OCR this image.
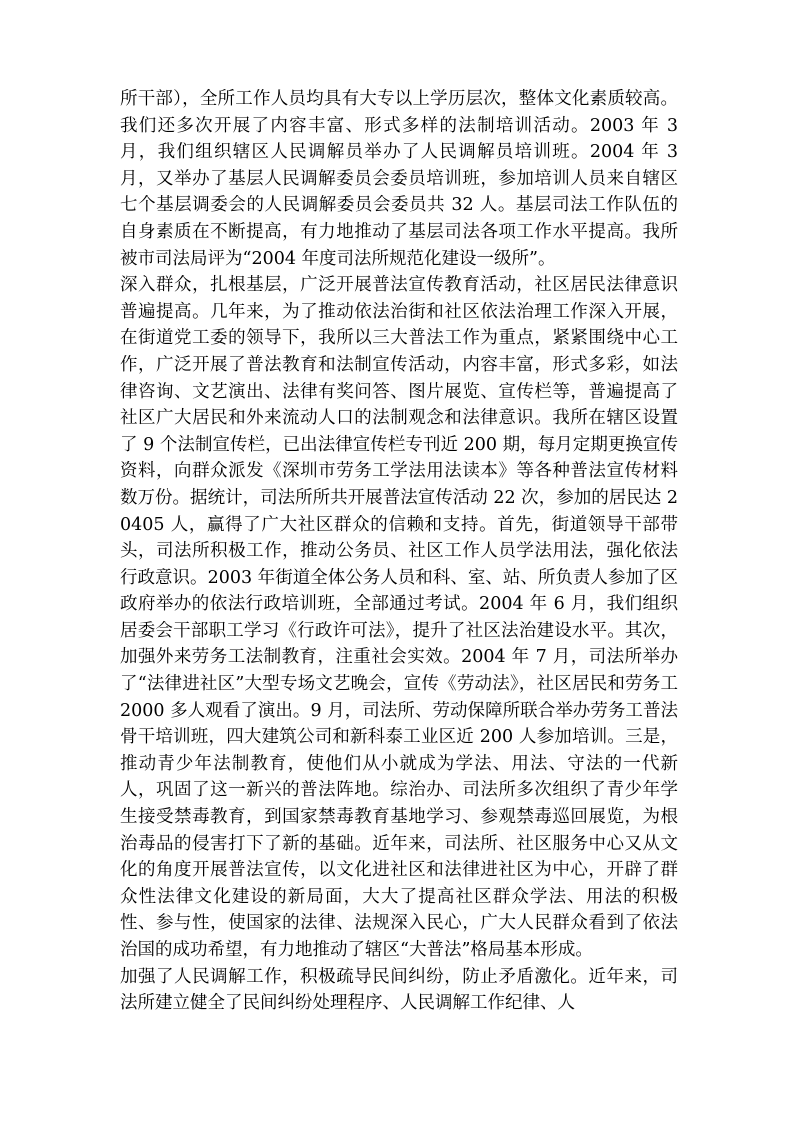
所干部），全所工作人员均具有大专以上学历层次，整体文化素质较高。我们还多次开展了内容丰富、形式多样的法制培训活动。2003 年 3 月，我们组织辖区人民调解员举办了人民调解员培训班。2004 年 3 月，又举办了基层人民调解委员会委员培训班，参加培训人员来自辖区七个基层调委会的人民调解委员会委员共 32 人。基层司法工作队伍的自身素质在不断提高，有力地推动了基层司法各项工作水平提高。我所被市司法局评为“2004 年度司法所规范化建设一级所”。

深入群众，扎根基层，广泛开展普法宣传教育活动，社区居民法律意识普遍提高。几年来，为了推动依法治街和社区依法治理工作深入开展，在街道党工委的领导下，我所以三大普法工作为重点，紧紧围绕中心工作，广泛开展了普法教育和法制宣传活动，内容丰富，形式多彩，如法律咨询、文艺演出、法律有奖问答、图片展览、宣传栏等，普遍提高了社区广大居民和外来流动人口的法制观念和法律意识。我所在辖区设置了 9 个法制宣传栏，已出法律宣传栏专刊近 200 期，每月定期更换宣传资料，向群众派发《深圳市劳务工学法用法读本》等各种普法宣传材料数万份。据统计，司法所所共开展普法宣传活动 22 次，参加的居民达 20405 人，赢得了广大社区群众的信赖和支持。首先，街道领导干部带头，司法所积极工作，推动公务员、社区工作人员学法用法，强化依法行政意识。2003 年街道全体公务人员和科、室、站、所负责人参加了区政府举办的依法行政培训班，全部通过考试。2004 年 6 月，我们组织居委会干部职工学习《行政许可法》，提升了社区法治建设水平。其次，加强外来劳务工法制教育，注重社会实效。2004 年 7 月，司法所举办了“法律进社区”大型专场文艺晚会，宣传《劳动法》，社区居民和劳务工 2000 多人观看了演出。9 月，司法所、劳动保障所联合举办劳务工普法骨干培训班，四大建筑公司和新科泰工业区近 200 人参加培训。三是，推动青少年法制教育，使他们从小就成为学法、用法、守法的一代新人，巩固了这一新兴的普法阵地。综治办、司法所多次组织了青少年学生接受禁毒教育，到国家禁毒教育基地学习、参观禁毒巡回展览，为根治毒品的侵害打下了新的基础。近年来，司法所、社区服务中心又从文化的角度开展普法宣传，以文化进社区和法律进社区为中心，开辟了群众性法律文化建设的新局面，大大了提高社区群众学法、用法的积极性、参与性，使国家的法律、法规深入民心，广大人民群众看到了依法治国的成功希望，有力地推动了辖区“大普法”格局基本形成。

加强了人民调解工作，积极疏导民间纠纷，防止矛盾激化。近年来，司法所建立健全了民间纠纷处理程序、人民调解工作纪律、人
